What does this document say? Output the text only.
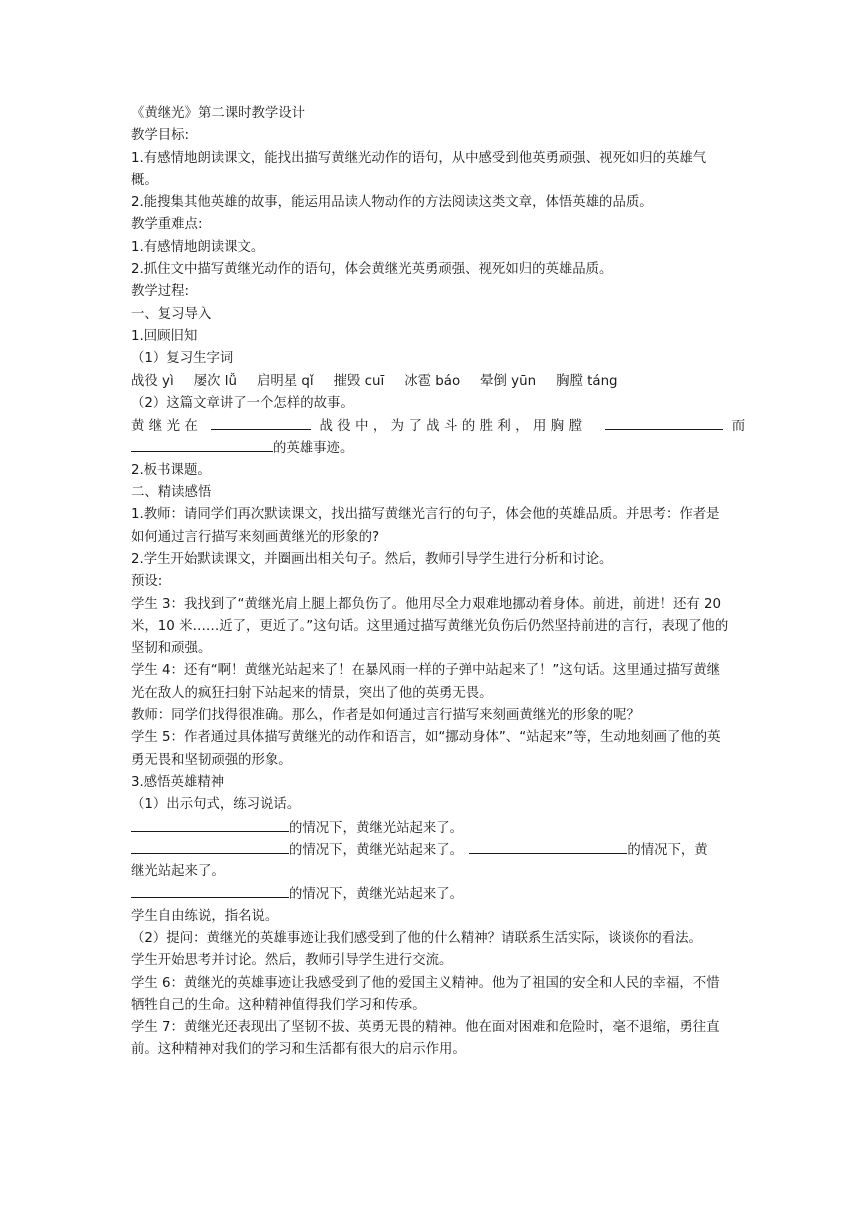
《黄继光》第二课时教学设计
教学目标:
1.有感情地朗读课文，能找出描写黄继光动作的语句，从中感受到他英勇顽强、视死如归的英雄气概。
2.能搜集其他英雄的故事，能运用品读人物动作的方法阅读这类文章，体悟英雄的品质。
教学重难点:
1.有感情地朗读课文。
2.抓住文中描写黄继光动作的语句，体会黄继光英勇顽强、视死如归的英雄品质。
教学过程:
一、复习导入
1.回顾旧知
（1）复习生字词
战役 yì 屡次 lǚ 启明星 qǐ 摧毁 cuī 冰雹 báo 晕倒 yūn 胸膛 táng
（2）这篇文章讲了一个怎样的故事。
黄继光在	战役中，为了战斗的胜利，用胸膛	而
的英雄事迹。
2.板书课题。
二、精读感悟
1.教师：请同学们再次默读课文，找出描写黄继光言行的句子，体会他的英雄品质。并思考：作者是如何通过言行描写来刻画黄继光的形象的?
2.学生开始默读课文，并圈画出相关句子。然后，教师引导学生进行分析和讨论。
预设:
学生 3：我找到了“黄继光肩上腿上都负伤了。他用尽全力艰难地挪动着身体。前进，前进！还有 20 米，10 米……近了，更近了。”这句话。这里通过描写黄继光负伤后仍然坚持前进的言行，表现了他的坚韧和顽强。
学生 4：还有“啊！黄继光站起来了！在暴风雨一样的子弹中站起来了！”这句话。这里通过描写黄继光在敌人的疯狂扫射下站起来的情景，突出了他的英勇无畏。
教师：同学们找得很准确。那么，作者是如何通过言行描写来刻画黄继光的形象的呢？
学生 5：作者通过具体描写黄继光的动作和语言，如“挪动身体”、“站起来”等，生动地刻画了他的英勇无畏和坚韧顽强的形象。
3.感悟英雄精神
（1）出示句式，练习说话。
的情况下，黄继光站起来了。
的情况下，黄继光站起来了。	的情况下，黄
继光站起来了。
的情况下，黄继光站起来了。
学生自由练说，指名说。
（2）提问：黄继光的英雄事迹让我们感受到了他的什么精神？请联系生活实际，谈谈你的看法。
学生开始思考并讨论。然后，教师引导学生进行交流。
学生 6：黄继光的英雄事迹让我感受到了他的爱国主义精神。他为了祖国的安全和人民的幸福，不惜牺牲自己的生命。这种精神值得我们学习和传承。
学生 7：黄继光还表现出了坚韧不拔、英勇无畏的精神。他在面对困难和危险时，毫不退缩，勇往直前。这种精神对我们的学习和生活都有很大的启示作用。
